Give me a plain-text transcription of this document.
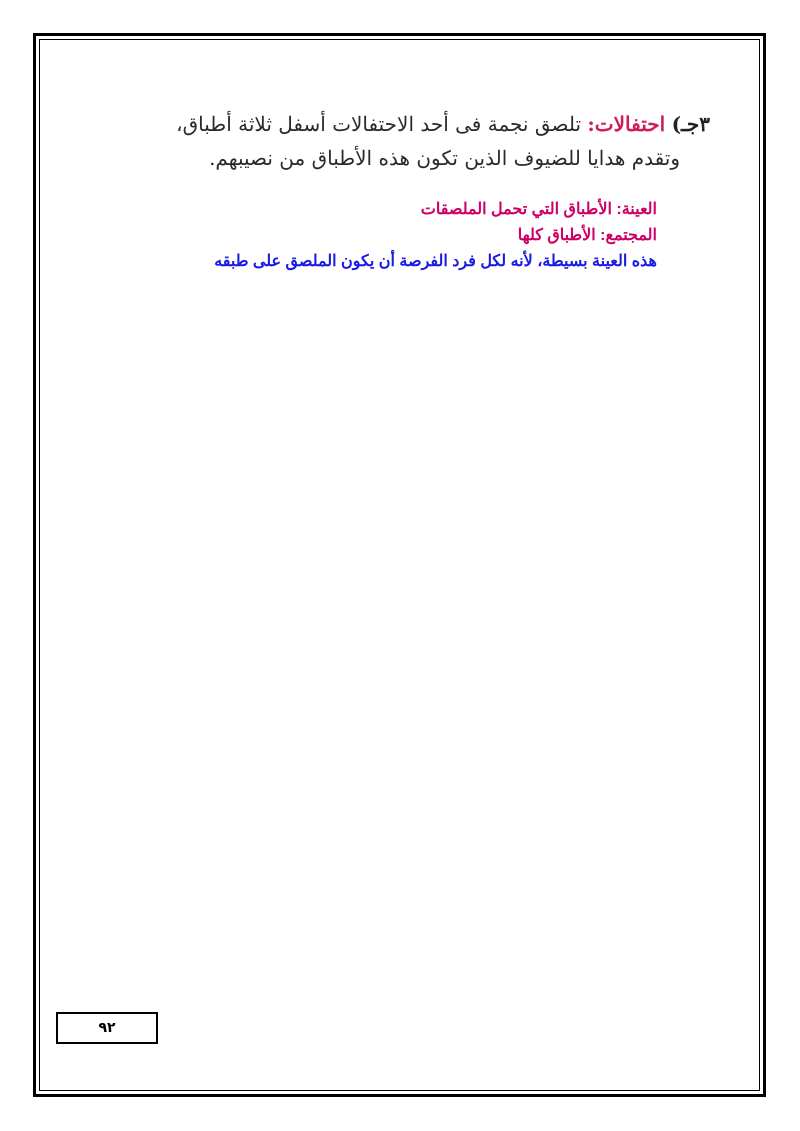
٣جـ) احتفالات: تلصق نجمة فى أحد الاحتفالات أسفل ثلاثة أطباق،
وتقدم هدايا للضيوف الذين تكون هذه الأطباق من نصيبهم.
العينة: الأطباق التي تحمل الملصقات
المجتمع: الأطباق كلها
هذه العينة بسيطة، لأنه لكل فرد الفرصة أن يكون الملصق على طبقه
٩٢
